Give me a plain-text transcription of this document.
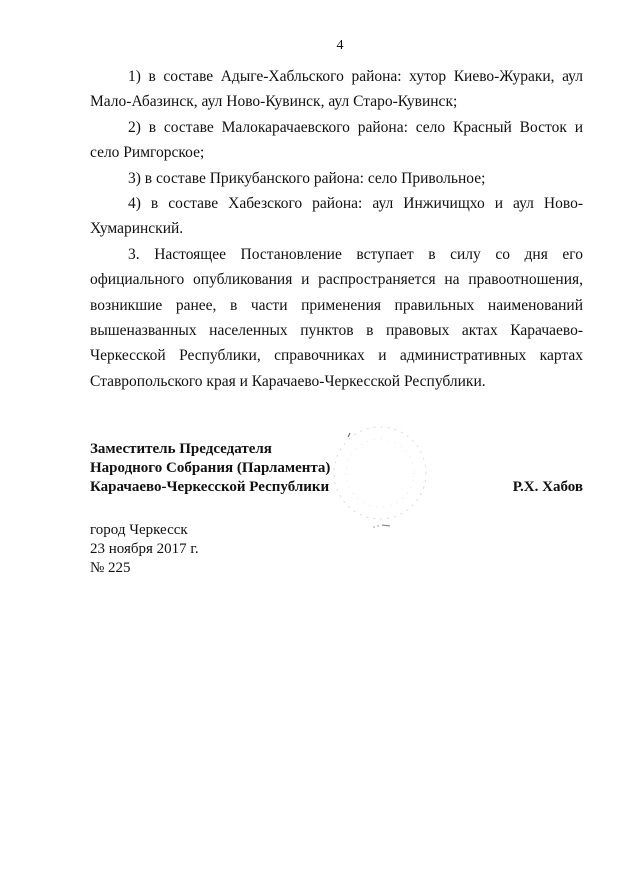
4

1) в составе Адыге-Хабльского района: хутор Киево-Жураки, аул Мало-Абазинск, аул Ново-Кувинск, аул Старо-Кувинск;

2) в составе Малокарачаевского района: село Красный Восток и село Римгорское;

3) в составе Прикубанского района: село Привольное;

4) в составе Хабезского района: аул Инжичищхо и аул Ново-Хумаринский.

3. Настоящее Постановление вступает в силу со дня его официального опубликования и распространяется на правоотношения, возникшие ранее, в части применения правильных наименований вышеназванных населенных пунктов в правовых актах Карачаево-Черкесской Республики, справочниках и административных картах Ставропольского края и Карачаево-Черкесской Республики.

Заместитель Председателя
Народного Собрания (Парламента)
Карачаево-Черкесской Республики	Р.Х. Хабов
город Черкесск
23 ноября 2017 г.
№ 225
